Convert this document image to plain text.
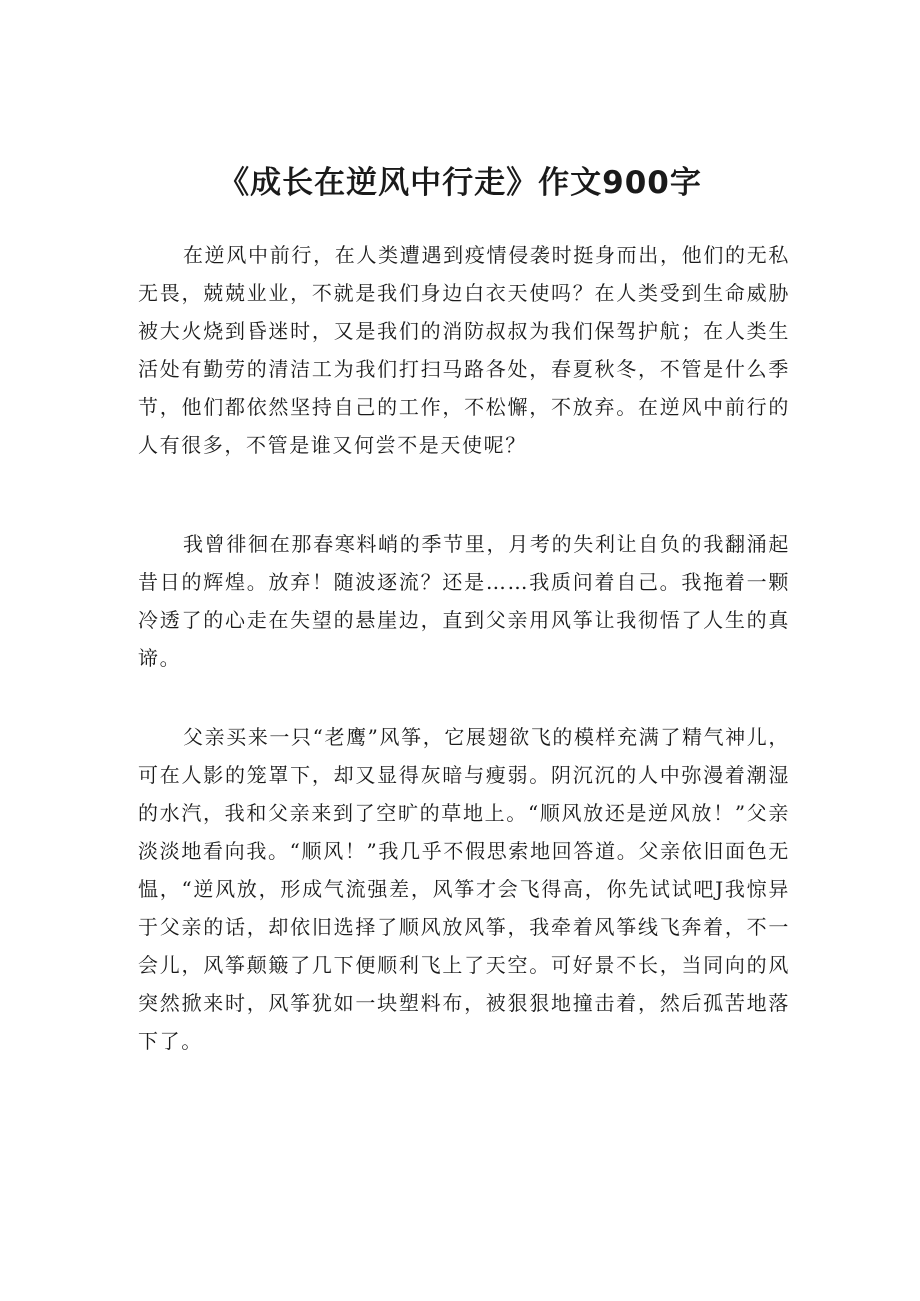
《成长在逆风中行走》作文900字

在逆风中前行，在人类遭遇到疫情侵袭时挺身而出，他们的无私无畏，兢兢业业，不就是我们身边白衣天使吗？在人类受到生命威胁被大火烧到昏迷时，又是我们的消防叔叔为我们保驾护航；在人类生活处有勤劳的清洁工为我们打扫马路各处，春夏秋冬，不管是什么季节，他们都依然坚持自己的工作，不松懈，不放弃。在逆风中前行的人有很多，不管是谁又何尝不是天使呢？

我曾徘徊在那春寒料峭的季节里，月考的失利让自负的我翻涌起昔日的辉煌。放弃！随波逐流？还是……我质问着自己。我拖着一颗冷透了的心走在失望的悬崖边，直到父亲用风筝让我彻悟了人生的真谛。

父亲买来一只“老鹰”风筝，它展翅欲飞的模样充满了精气神儿，可在人影的笼罩下，却又显得灰暗与瘦弱。阴沉沉的人中弥漫着潮湿的水汽，我和父亲来到了空旷的草地上。“顺风放还是逆风放！”父亲淡淡地看向我。“顺风！”我几乎不假思索地回答道。父亲依旧面色无愠，“逆风放，形成气流强差，风筝才会飞得高，你先试试吧J我惊异于父亲的话，却依旧选择了顺风放风筝，我牵着风筝线飞奔着，不一会儿，风筝颠簸了几下便顺利飞上了天空。可好景不长，当同向的风突然掀来时，风筝犹如一块塑料布，被狠狠地撞击着，然后孤苦地落下了。
